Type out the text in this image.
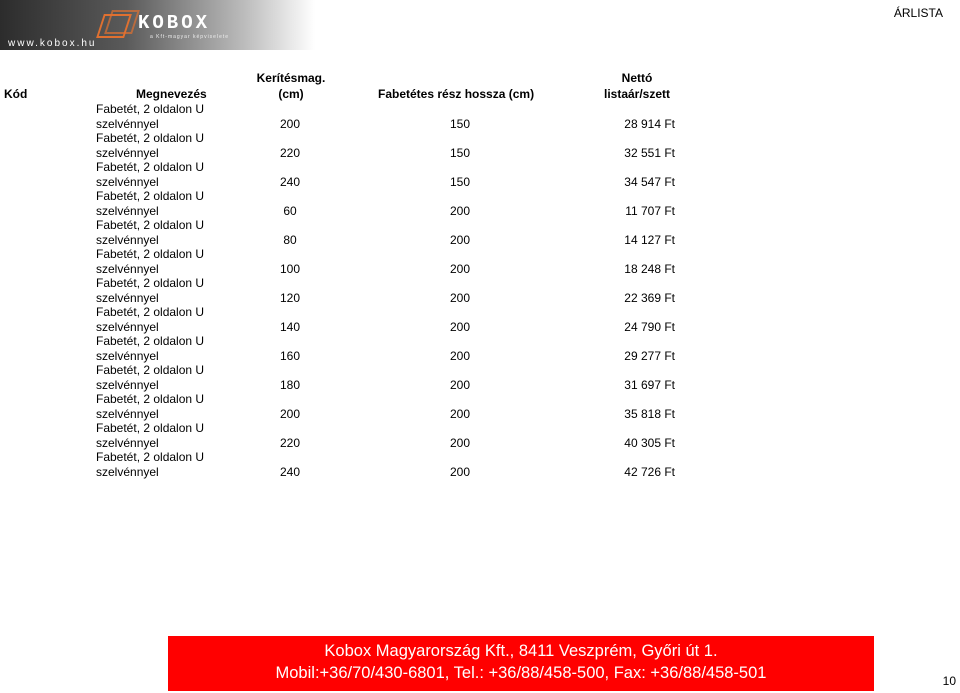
KOBOX
a Kft-magyar képviselete
www.kobox.hu
ÁRLISTA
Kód	Megnevezés
Kerítésmag.
(cm)	Fabetétes rész hossza (cm)
Nettó
listaár/szett
Fabetét, 2 oldalon U
szelvénnyel	200	150	28 914 Ft
Fabetét, 2 oldalon U
szelvénnyel	220	150	32 551 Ft
Fabetét, 2 oldalon U
szelvénnyel	240	150	34 547 Ft
Fabetét, 2 oldalon U
szelvénnyel	60	200	11 707 Ft
Fabetét, 2 oldalon U
szelvénnyel	80	200	14 127 Ft
Fabetét, 2 oldalon U
szelvénnyel	100	200	18 248 Ft
Fabetét, 2 oldalon U
szelvénnyel	120	200	22 369 Ft
Fabetét, 2 oldalon U
szelvénnyel	140	200	24 790 Ft
Fabetét, 2 oldalon U
szelvénnyel	160	200	29 277 Ft
Fabetét, 2 oldalon U
szelvénnyel	180	200	31 697 Ft
Fabetét, 2 oldalon U
szelvénnyel	200	200	35 818 Ft
Fabetét, 2 oldalon U
szelvénnyel	220	200	40 305 Ft
Fabetét, 2 oldalon U
szelvénnyel	240	200	42 726 Ft
Kobox Magyarország Kft., 8411 Veszprém, Győri út 1.
Mobil:+36/70/430-6801, Tel.: +36/88/458-500, Fax: +36/88/458-501	10
